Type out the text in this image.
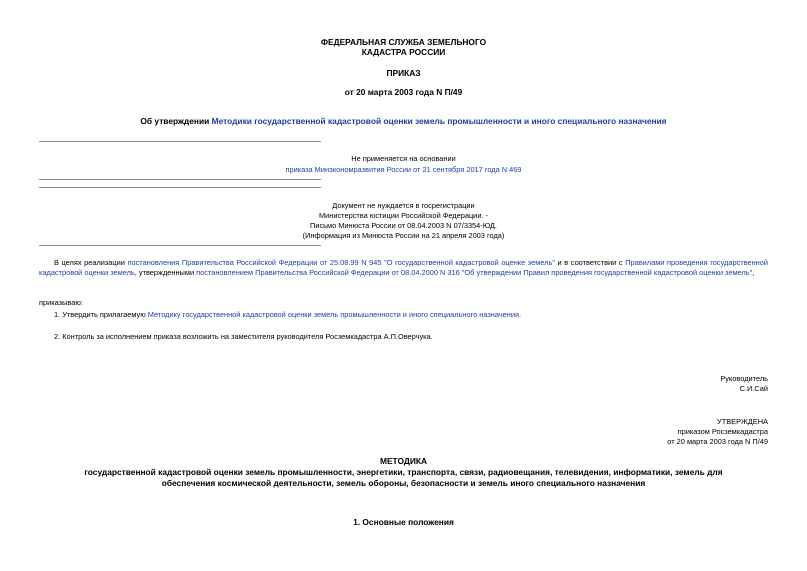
ФЕДЕРАЛЬНАЯ СЛУЖБА ЗЕМЕЛЬНОГО
КАДАСТРА РОССИИ
ПРИКАЗ
от 20 марта 2003 года N П/49
Об утверждении Методики государственной кадастровой оценки земель промышленности и иного специального назначения
Не применяется на основании
приказа Минэкономразвития России от 21 сентября 2017 года N 469
Документ не нуждается в госрегистрации
Министерства юстиции Российской Федерации. -
Письмо Минюста России от 08.04.2003 N 07/3354-ЮД.
(Информация из Минюста России на 21 апреля 2003 года)
В целях реализации постановления Правительства Российской Федерации от 25.08.99 N 945 "О государственной кадастровой оценке земель" и в соответствии с Правилами проведения государственной кадастровой оценки земель, утвержденными постановлением Правительства Российской Федерации от 08.04.2000 N 316 "Об утверждении Правил проведения государственной кадастровой оценки земель",
приказываю:
1. Утвердить прилагаемую Методику государственной кадастровой оценки земель промышленности и иного специального назначения.
2. Контроль за исполнением приказа возложить на заместителя руководителя Росземкадастра А.П.Оверчука.
Руководитель
С.И.Сай
УТВЕРЖДЕНА
приказом Росземкадастра
от 20 марта 2003 года N П/49
МЕТОДИКА
государственной кадастровой оценки земель промышленности, энергетики, транспорта, связи, радиовещания, телевидения, информатики, земель для
обеспечения космической деятельности, земель обороны, безопасности и земель иного специального назначения
1. Основные положения
